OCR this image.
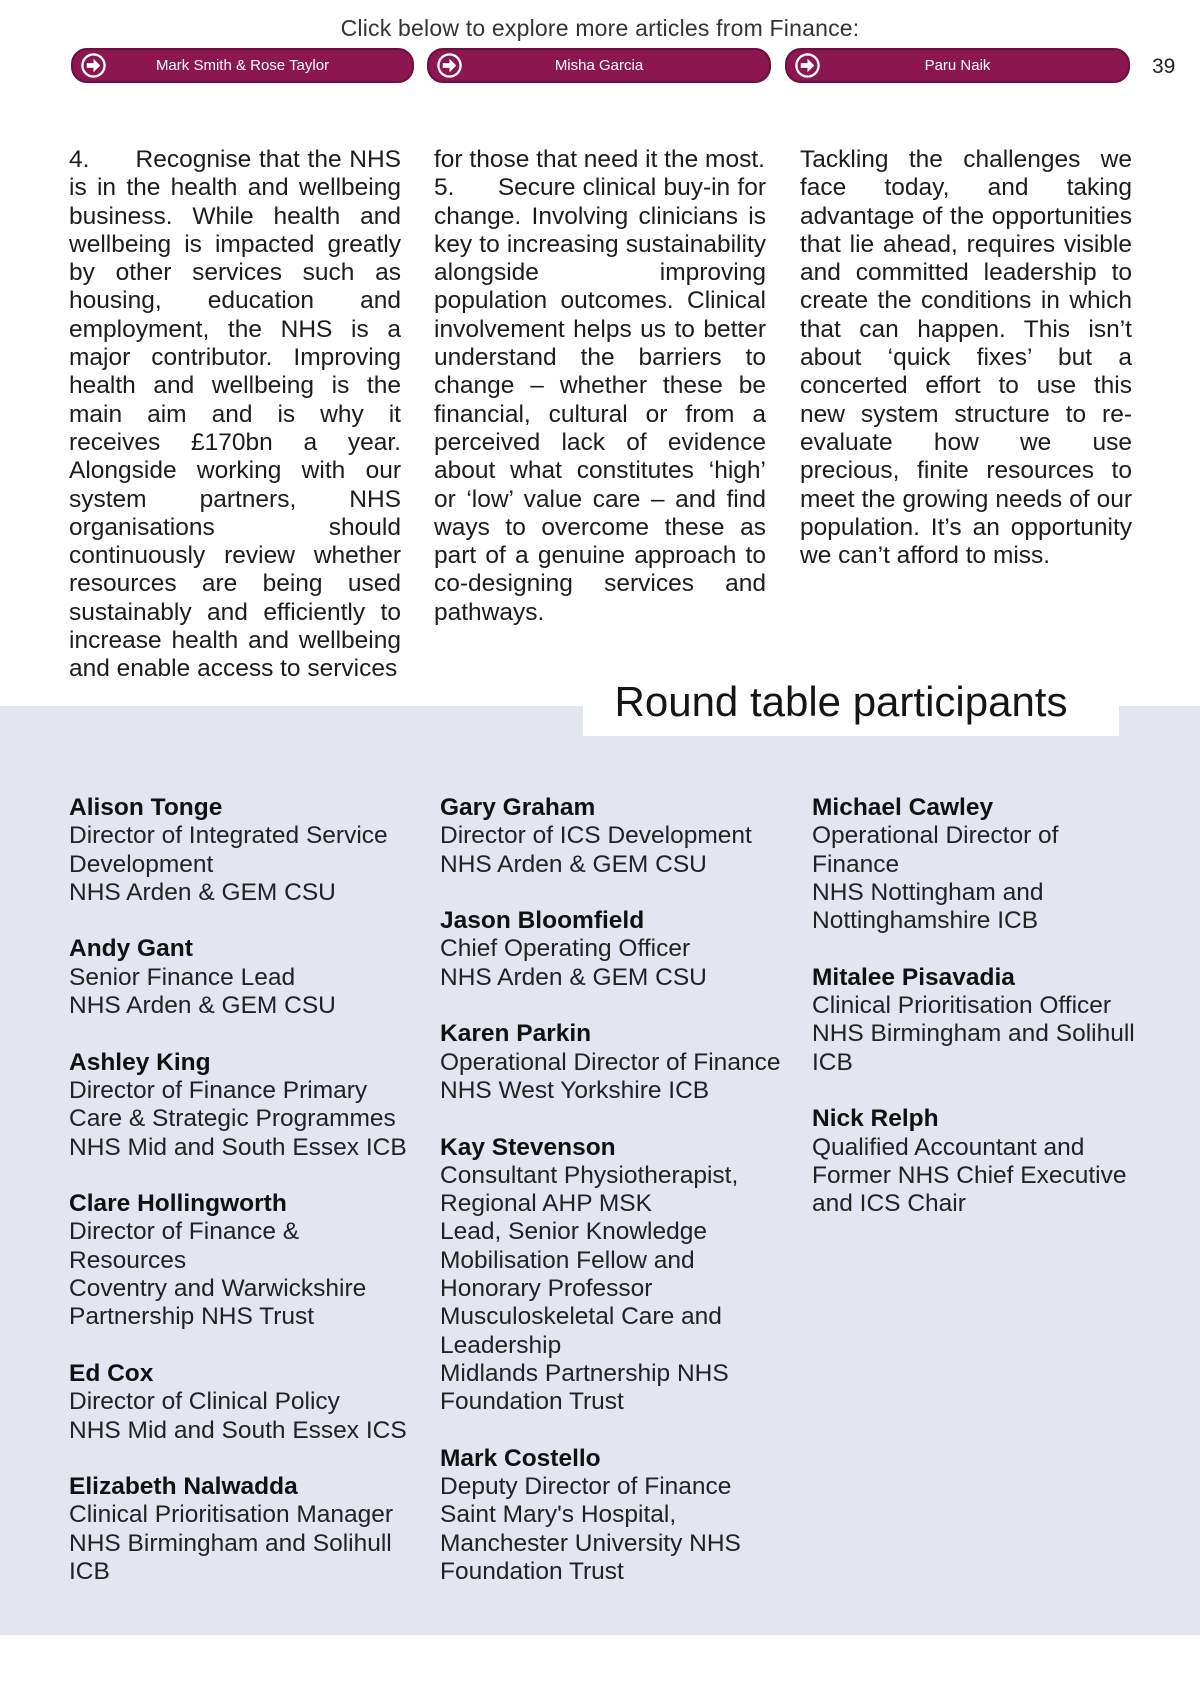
Click below to explore more articles from Finance:
Mark Smith & Rose Taylor	Misha Garcia	Paru Naik	39

4.      Recognise that the NHS is in the health and wellbeing business. While health and wellbeing is impacted greatly by other services such as housing, education and employment, the NHS is a major contributor. Improving health and wellbeing is the main aim and is why it receives £170bn a year. Alongside working with our system partners, NHS organisations should continuously review whether resources are being used sustainably and efficiently to increase health and wellbeing and enable access to services

for those that need it the most.

5.      Secure clinical buy-in for change. Involving clinicians is key to increasing sustainability alongside improving population outcomes. Clinical involvement helps us to better understand the barriers to change – whether these be financial, cultural or from a perceived lack of evidence about what constitutes ‘high’ or ‘low’ value care – and find ways to overcome these as part of a genuine approach to co-designing services and pathways.

Tackling the challenges we face today, and taking advantage of the opportunities that lie ahead, requires visible and committed leadership to create the conditions in which that can happen. This isn’t about ‘quick fixes’ but a concerted effort to use this new system structure to re-evaluate how we use precious, finite resources to meet the growing needs of our population. It’s an opportunity we can’t afford to miss.

Round table participants
Alison Tonge
Director of Integrated Service
Development
NHS Arden & GEM CSU
Andy Gant
Senior Finance Lead
NHS Arden & GEM CSU
Ashley King
Director of Finance Primary
Care & Strategic Programmes
NHS Mid and South Essex ICB
Clare Hollingworth
Director of Finance &
Resources
Coventry and Warwickshire
Partnership NHS Trust
Ed Cox
Director of Clinical Policy
NHS Mid and South Essex ICS
Elizabeth Nalwadda
Clinical Prioritisation Manager
NHS Birmingham and Solihull
ICB
Gary Graham
Director of ICS Development
NHS Arden & GEM CSU
Jason Bloomfield
Chief Operating Officer
NHS Arden & GEM CSU
Karen Parkin
Operational Director of Finance
NHS West Yorkshire ICB
Kay Stevenson
Consultant Physiotherapist,
Regional AHP MSK
Lead, Senior Knowledge
Mobilisation Fellow and
Honorary Professor
Musculoskeletal Care and
Leadership
Midlands Partnership NHS
Foundation Trust
Mark Costello
Deputy Director of Finance
Saint Mary's Hospital,
Manchester University NHS
Foundation Trust
Michael Cawley
Operational Director of
Finance
NHS Nottingham and
Nottinghamshire ICB
Mitalee Pisavadia
Clinical Prioritisation Officer
NHS Birmingham and Solihull
ICB
Nick Relph
Qualified Accountant and
Former NHS Chief Executive
and ICS Chair
